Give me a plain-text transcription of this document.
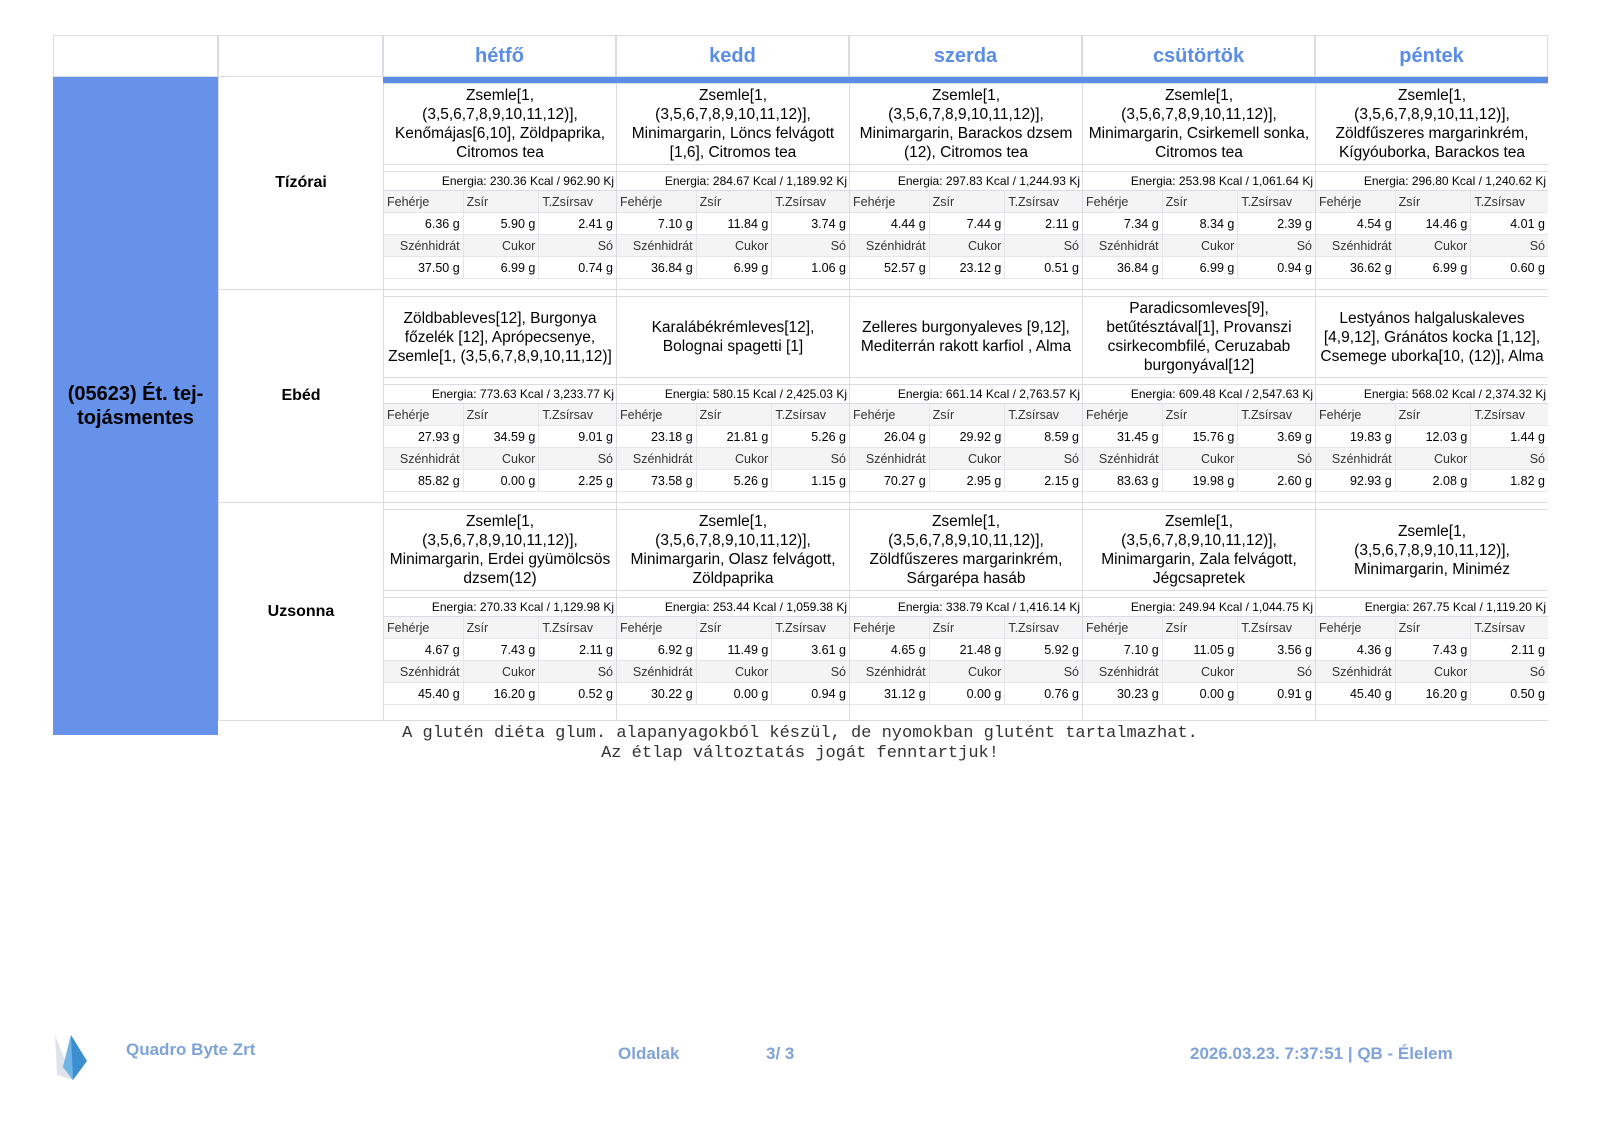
hétfő	kedd	szerda	csütörtök	péntek
(05623) Ét. tej-tojásmentes
Tízórai
Zsemle[1, (3,5,6,7,8,9,10,11,12)], Kenőmájas[6,10], Zöldpaprika, Citromos tea
Energia: 230.36 Kcal / 962.90 Kj
Fehérje	Zsír	T.Zsírsav
6.36 g	5.90 g	2.41 g
Szénhidrát	Cukor	Só
37.50 g	6.99 g	0.74 g
Zsemle[1, (3,5,6,7,8,9,10,11,12)], Minimargarin, Löncs felvágott [1,6], Citromos tea
Energia: 284.67 Kcal / 1,189.92 Kj
Fehérje	Zsír	T.Zsírsav
7.10 g	11.84 g	3.74 g
Szénhidrát	Cukor	Só
36.84 g	6.99 g	1.06 g
Zsemle[1, (3,5,6,7,8,9,10,11,12)], Minimargarin, Barackos dzsem (12), Citromos tea
Energia: 297.83 Kcal / 1,244.93 Kj
Fehérje	Zsír	T.Zsírsav
4.44 g	7.44 g	2.11 g
Szénhidrát	Cukor	Só
52.57 g	23.12 g	0.51 g
Zsemle[1, (3,5,6,7,8,9,10,11,12)], Minimargarin, Csirkemell sonka, Citromos tea
Energia: 253.98 Kcal / 1,061.64 Kj
Fehérje	Zsír	T.Zsírsav
7.34 g	8.34 g	2.39 g
Szénhidrát	Cukor	Só
36.84 g	6.99 g	0.94 g
Zsemle[1, (3,5,6,7,8,9,10,11,12)], Zöldfűszeres margarinkrém, Kígyóuborka, Barackos tea
Energia: 296.80 Kcal / 1,240.62 Kj
Fehérje	Zsír	T.Zsírsav
4.54 g	14.46 g	4.01 g
Szénhidrát	Cukor	Só
36.62 g	6.99 g	0.60 g
Ebéd
Zöldbableves[12], Burgonya főzelék [12], Aprópecsenye, Zsemle[1, (3,5,6,7,8,9,10,11,12)]
Energia: 773.63 Kcal / 3,233.77 Kj
Fehérje	Zsír	T.Zsírsav
27.93 g	34.59 g	9.01 g
Szénhidrát	Cukor	Só
85.82 g	0.00 g	2.25 g
Karalábékrémleves[12], Bolognai spagetti [1]
Energia: 580.15 Kcal / 2,425.03 Kj
Fehérje	Zsír	T.Zsírsav
23.18 g	21.81 g	5.26 g
Szénhidrát	Cukor	Só
73.58 g	5.26 g	1.15 g
Zelleres burgonyaleves [9,12], Mediterrán rakott karfiol , Alma
Energia: 661.14 Kcal / 2,763.57 Kj
Fehérje	Zsír	T.Zsírsav
26.04 g	29.92 g	8.59 g
Szénhidrát	Cukor	Só
70.27 g	2.95 g	2.15 g
Paradicsomleves[9], betűtésztával[1], Provanszi csirkecombfilé, Ceruzabab burgonyával[12]
Energia: 609.48 Kcal / 2,547.63 Kj
Fehérje	Zsír	T.Zsírsav
31.45 g	15.76 g	3.69 g
Szénhidrát	Cukor	Só
83.63 g	19.98 g	2.60 g
Lestyános halgaluskaleves [4,9,12], Gránátos kocka [1,12], Csemege uborka[10, (12)], Alma
Energia: 568.02 Kcal / 2,374.32 Kj
Fehérje	Zsír	T.Zsírsav
19.83 g	12.03 g	1.44 g
Szénhidrát	Cukor	Só
92.93 g	2.08 g	1.82 g
Uzsonna
Zsemle[1, (3,5,6,7,8,9,10,11,12)], Minimargarin, Erdei gyümölcsös dzsem(12)
Energia: 270.33 Kcal / 1,129.98 Kj
Fehérje	Zsír	T.Zsírsav
4.67 g	7.43 g	2.11 g
Szénhidrát	Cukor	Só
45.40 g	16.20 g	0.52 g
Zsemle[1, (3,5,6,7,8,9,10,11,12)], Minimargarin, Olasz felvágott, Zöldpaprika
Energia: 253.44 Kcal / 1,059.38 Kj
Fehérje	Zsír	T.Zsírsav
6.92 g	11.49 g	3.61 g
Szénhidrát	Cukor	Só
30.22 g	0.00 g	0.94 g
Zsemle[1, (3,5,6,7,8,9,10,11,12)], Zöldfűszeres margarinkrém, Sárgarépa hasáb
Energia: 338.79 Kcal / 1,416.14 Kj
Fehérje	Zsír	T.Zsírsav
4.65 g	21.48 g	5.92 g
Szénhidrát	Cukor	Só
31.12 g	0.00 g	0.76 g
Zsemle[1, (3,5,6,7,8,9,10,11,12)], Minimargarin, Zala felvágott, Jégcsapretek
Energia: 249.94 Kcal / 1,044.75 Kj
Fehérje	Zsír	T.Zsírsav
7.10 g	11.05 g	3.56 g
Szénhidrát	Cukor	Só
30.23 g	0.00 g	0.91 g
Zsemle[1, (3,5,6,7,8,9,10,11,12)], Minimargarin, Miniméz
Energia: 267.75 Kcal / 1,119.20 Kj
Fehérje	Zsír	T.Zsírsav
4.36 g	7.43 g	2.11 g
Szénhidrát	Cukor	Só
45.40 g	16.20 g	0.50 g
A glutén diéta glum. alapanyagokból készül, de nyomokban glutént tartalmazhat.
Az étlap változtatás jogát fenntartjuk!
Quadro Byte Zrt	Oldalak	3/ 3	2026.03.23. 7:37:51 | QB - Élelem
